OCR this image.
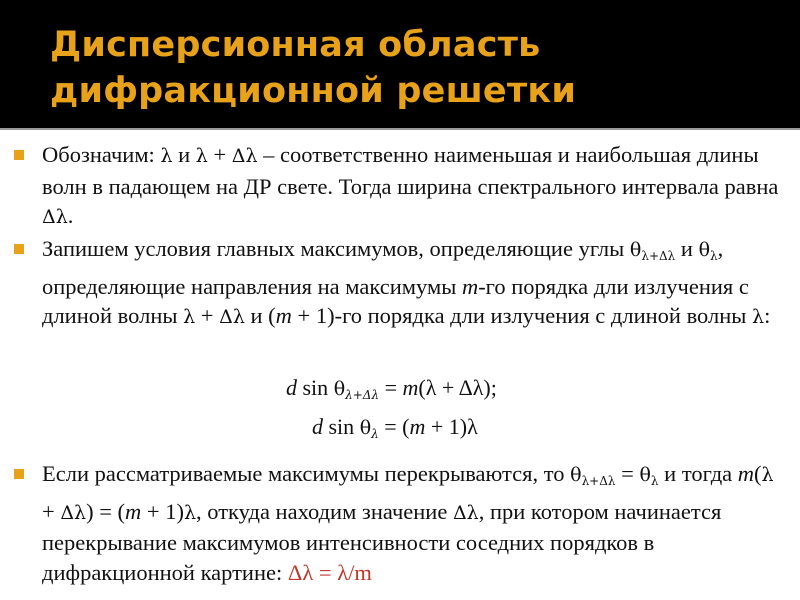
Дисперсионная область
дифракционной решетки
Обозначим: λ и λ + Δλ – соответственно наименьшая и наибольшая длины волн в падающем на ДР свете. Тогда ширина спектрального интервала равна Δλ.
Запишем условия главных максимумов, определяющие углы $\theta_{\lambda+\Delta\lambda}$ и $\theta_\lambda$, определяющие направления на максимумы m-го порядка дли излучения с длиной волны λ + Δλ и (m + 1)-го порядка дли излучения с длиной волны λ:
d $\sin \theta_{\lambda+\Delta\lambda} = m(\lambda + \Delta\lambda)$;
d $\sin \theta_\lambda = (m + 1)\lambda$
Если рассматриваемые максимумы перекрываются, то $\theta_{\lambda+\Delta\lambda} = \theta_\lambda$ и тогда m(λ + Δλ) = (m + 1)λ, откуда находим значение Δλ, при котором начинается перекрывание максимумов интенсивности соседних порядков в дифракционной картине: Δλ = λ/m
